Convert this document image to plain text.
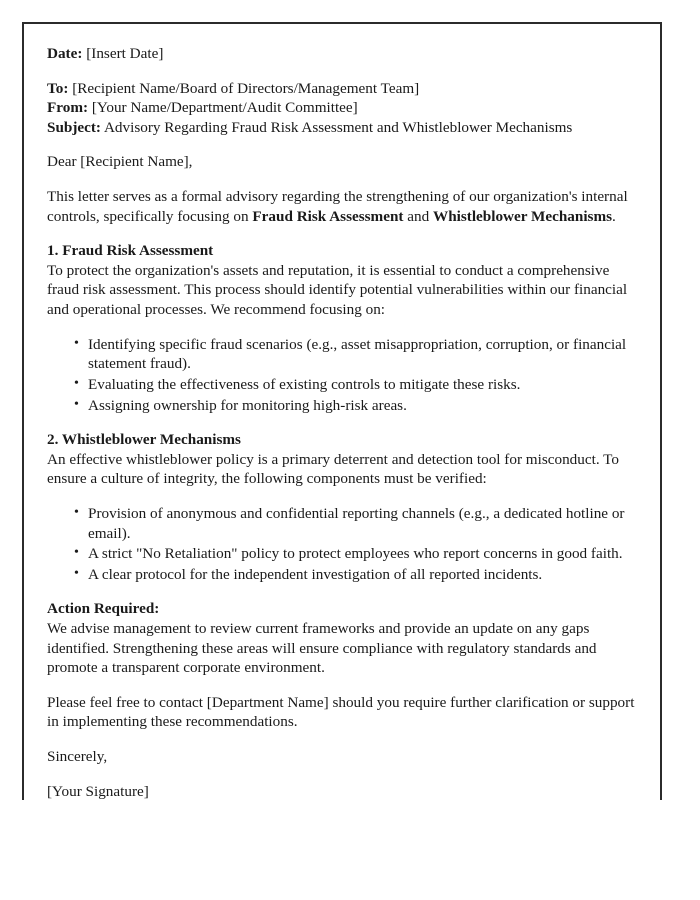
Date: [Insert Date]
To: [Recipient Name/Board of Directors/Management Team]
From: [Your Name/Department/Audit Committee]
Subject: Advisory Regarding Fraud Risk Assessment and Whistleblower Mechanisms

Dear [Recipient Name],

This letter serves as a formal advisory regarding the strengthening of our organization's internal controls, specifically focusing on Fraud Risk Assessment and Whistleblower Mechanisms.

1. Fraud Risk Assessment

To protect the organization's assets and reputation, it is essential to conduct a comprehensive fraud risk assessment. This process should identify potential vulnerabilities within our financial and operational processes. We recommend focusing on:

• Identifying specific fraud scenarios (e.g., asset misappropriation, corruption, or financial statement fraud).
• Evaluating the effectiveness of existing controls to mitigate these risks.
• Assigning ownership for monitoring high-risk areas.
2. Whistleblower Mechanisms

An effective whistleblower policy is a primary deterrent and detection tool for misconduct. To ensure a culture of integrity, the following components must be verified:

• Provision of anonymous and confidential reporting channels (e.g., a dedicated hotline or email).
• A strict "No Retaliation" policy to protect employees who report concerns in good faith.
• A clear protocol for the independent investigation of all reported incidents.
Action Required:

We advise management to review current frameworks and provide an update on any gaps identified. Strengthening these areas will ensure compliance with regulatory standards and promote a transparent corporate environment.

Please feel free to contact [Department Name] should you require further clarification or support in implementing these recommendations.

Sincerely,

[Your Signature]
